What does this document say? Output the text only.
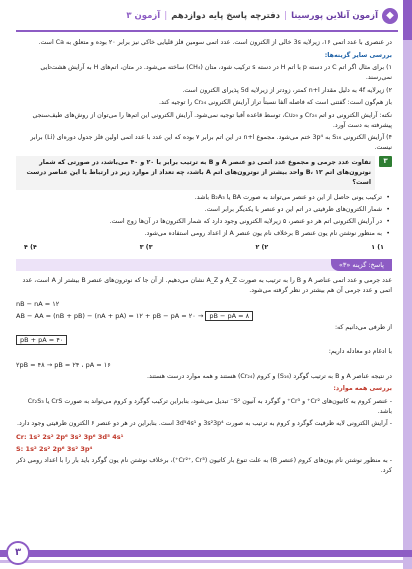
◆
آزمون آنلاین پورسینا
|
دفترچه پاسخ پایه دوازدهم
|
آزمون ۳

در عنصری با عدد اتمی ۱۶، زیرلایه 3s خالی از الکترون است. عدد اتمی سومین فلز قلیایی خاکی نیز برابر ۲۰ بوده و متعلق به Ca است.

بررسی سایر گزینه‌ها:

۱) برای مثال اگر اتم C در دسته p با اتم H در دسته s ترکیب شود، متان (CH₄) ساخته می‌شود. در متان، اتم‌های H به آرایش هشت‌تایی نمی‌رسند.

۲) زیرلایه 4f به دلیل مقدار n+l کمتر، زودتر از زیرلایه 5d پذیرای الکترون است.

باز هم‌گون است: گفتنی است که فاصله آلفا نسبتاً تراز آرایش الکترونی Cr₂₄ را توجیه کند.

نکته: آرایش الکترونی دو اتم Cr₂₄ و Cu₂₉، توسط قاعده آفبا توجیه نمی‌شود. آرایش الکترونی این اتم‌ها را می‌توان از روش‌های طیف‌سنجی پیشرفته به دست آورد.

۴) آرایش الکترونی S₁₆ به 3p⁴ ختم می‌شود. مجموع n+l در این اتم برابر ۷ بوده که این عدد با عدد اتمی اولین فلز جدول دوره‌ای (Li) برابر نیست.

۳
تفاوت عدد جرمی و مجموع عدد اتمی دو عنصر A و B به ترتیب برابر با ۲۰ و ۴۰ می‌باشد، در صورتی که شمار نوترون‌های اتم B، ۱۲ واحد بیشتر از نوترون‌های اتم A باشد، چه تعداد از موارد زیر در ارتباط با این عناصر درست است؟
• ترکیب یونی حاصل از این دو عنصر می‌تواند به صورت BA یا B₂A₃ باشد.
• شمار الکترون‌های ظرفیتی در اتم این دو عنصر با یکدیگر برابر است.
• در آرایش الکترونی اتم هر دو عنصر، ۵ زیرلایه الکترونی وجود دارد که شمار الکترون‌ها در آن‌ها زوج است.
• به منظور نوشتن نام یون عنصر B برخلاف نام یون عنصر A از اعداد رومی استفاده می‌شود.
۱) ۱
۲) ۲
۳) ۳
۴) ۴
پاسخ: گزینه «۳»

عدد جرمی و عدد اتمی عناصر A و B را به ترتیب به صورت A_Z و A_Z نشان می‌دهیم. از آن جا که نوترون‌های عنصر B بیشتر از A است، عدد اتمی و عدد جرمی آن هم بیشتر در نظر گرفته می‌شود.

nB − nA = ۱۲
AB − AA = (nB + pB) − (nA + pA) = ۱۲ + pB − pA = ۲۰ → pB − pA = ۸

از طرفی می‌دانیم که:

pB + pA = ۴۰

با ادغام دو معادله داریم:

۲pB = ۴۸ → pB = ۲۴ ، pA = ۱۶

در نتیجه عناصر A و B به ترتیب گوگرد (S₁₆) و کروم (Cr₂₄) هستند و همه موارد درست هستند.

بررسی همه موارد:

- عنصر کروم به کاتیون‌های Cr²⁺ و Cr³⁺ و گوگرد به آنیون S²⁻ تبدیل می‌شود، بنابراین ترکیب گوگرد و کروم می‌تواند به صورت CrS یا Cr₂S₃ باشد.

- آرایش الکترونی لایه ظرفیت گوگرد و کروم به ترتیب به صورت 3s²3p⁴ و 3d⁵4s¹ است. بنابراین در هر دو عنصر ۶ الکترون ظرفیتی وجود دارد.

Cr: 1s² 2s² 2p⁶ 3s² 3p⁶ 3d⁵ 4s¹
S: 1s² 2s² 2p⁶ 3s² 3p⁴

- به منظور نوشتن نام یون‌های کروم (عنصر B) به علت تنوع بار کاتیون (Cr²⁺, Cr³⁺)، برخلاف نوشتن نام یون گوگرد باید بار را با اعداد رومی ذکر کرد.

۳
